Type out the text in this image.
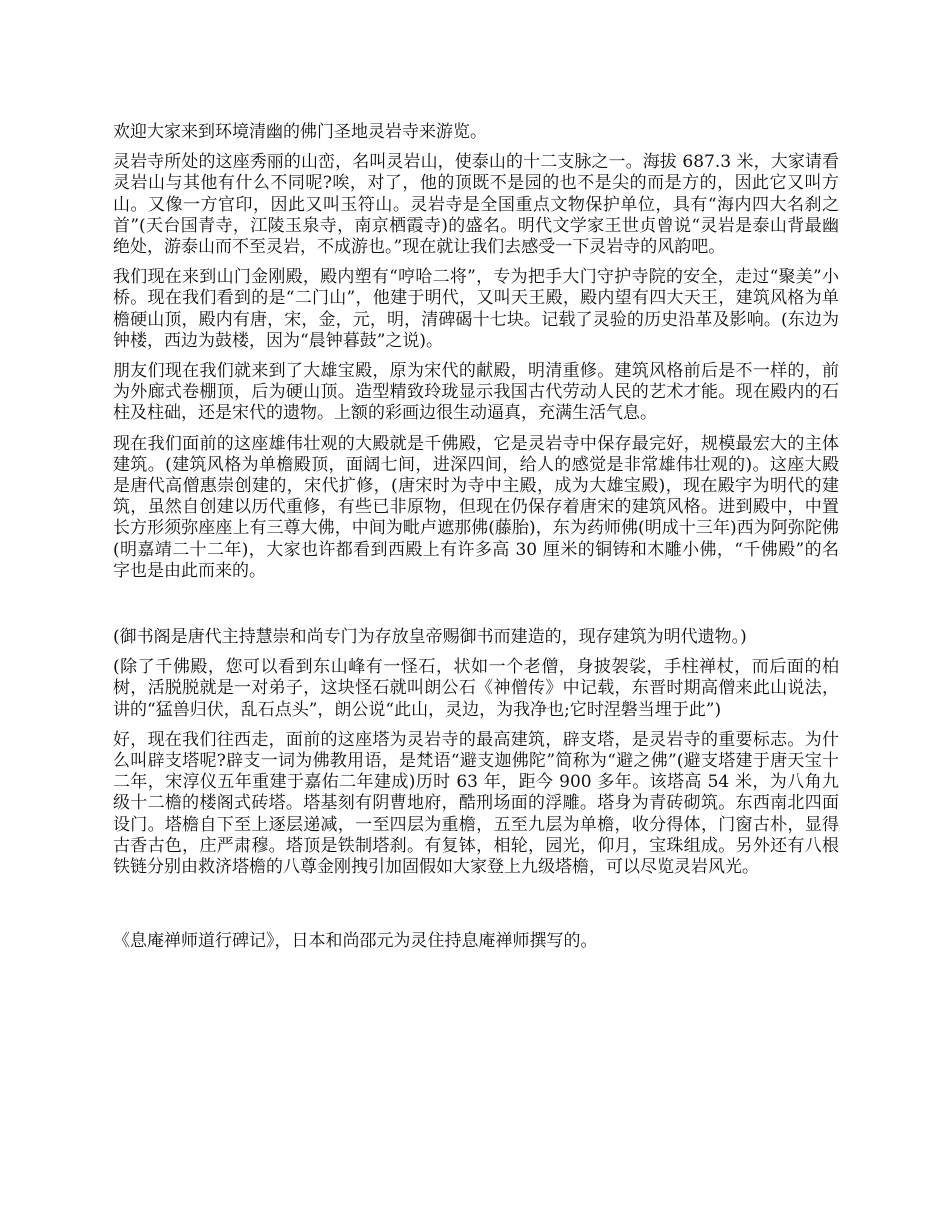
欢迎大家来到环境清幽的佛门圣地灵岩寺来游览。

灵岩寺所处的这座秀丽的山峦，名叫灵岩山，使泰山的十二支脉之一。海拔 687.3 米，大家请看灵岩山与其他有什么不同呢?唉，对了，他的顶既不是园的也不是尖的而是方的，因此它又叫方山。又像一方官印，因此又叫玉符山。灵岩寺是全国重点文物保护单位，具有“海内四大名刹之首”(天台国青寺，江陵玉泉寺，南京栖霞寺)的盛名。明代文学家王世贞曾说“灵岩是泰山背最幽绝处，游泰山而不至灵岩，不成游也。”现在就让我们去感受一下灵岩寺的风韵吧。

我们现在来到山门金刚殿，殿内塑有“哼哈二将”，专为把手大门守护寺院的安全，走过“聚美”小桥。现在我们看到的是“二门山”，他建于明代，又叫天王殿，殿内望有四大天王，建筑风格为单檐硬山顶，殿内有唐，宋，金，元，明，清碑碣十七块。记载了灵验的历史沿革及影响。(东边为钟楼，西边为鼓楼，因为“晨钟暮鼓”之说)。

朋友们现在我们就来到了大雄宝殿，原为宋代的献殿，明清重修。建筑风格前后是不一样的，前为外廊式卷棚顶，后为硬山顶。造型精致玲珑显示我国古代劳动人民的艺术才能。现在殿内的石柱及柱础，还是宋代的遗物。上额的彩画边很生动逼真，充满生活气息。

现在我们面前的这座雄伟壮观的大殿就是千佛殿，它是灵岩寺中保存最完好，规模最宏大的主体建筑。(建筑风格为单檐殿顶，面阔七间，进深四间，给人的感觉是非常雄伟壮观的)。这座大殿是唐代高僧惠崇创建的，宋代扩修，(唐宋时为寺中主殿，成为大雄宝殿)，现在殿宇为明代的建筑，虽然自创建以历代重修，有些已非原物，但现在仍保存着唐宋的建筑风格。进到殿中，中置长方形须弥座座上有三尊大佛，中间为毗卢遮那佛(藤胎)，东为药师佛(明成十三年)西为阿弥陀佛(明嘉靖二十二年)，大家也许都看到西殿上有许多高 30 厘米的铜铸和木雕小佛，“千佛殿”的名字也是由此而来的。

(御书阁是唐代主持慧崇和尚专门为存放皇帝赐御书而建造的，现存建筑为明代遗物。)

(除了千佛殿，您可以看到东山峰有一怪石，状如一个老僧，身披袈裟，手柱禅杖，而后面的柏树，活脱脱就是一对弟子，这块怪石就叫朗公石《神僧传》中记载，东晋时期高僧来此山说法，讲的“猛兽归伏，乱石点头”，朗公说“此山，灵边，为我净也;它时涅磐当埋于此”)

好，现在我们往西走，面前的这座塔为灵岩寺的最高建筑，辟支塔，是灵岩寺的重要标志。为什么叫辟支塔呢?辟支一词为佛教用语，是梵语“避支迦佛陀”简称为“避之佛”(避支塔建于唐天宝十二年，宋淳仪五年重建于嘉佑二年建成)历时 63 年，距今 900 多年。该塔高 54 米，为八角九级十二檐的楼阁式砖塔。塔基刻有阴曹地府，酷刑场面的浮雕。塔身为青砖砌筑。东西南北四面设门。塔檐自下至上逐层递减，一至四层为重檐，五至九层为单檐，收分得体，门窗古朴，显得古香古色，庄严肃穆。塔顶是铁制塔刹。有复钵，相轮，园光，仰月，宝珠组成。另外还有八根铁链分别由救济塔檐的八尊金刚拽引加固假如大家登上九级塔檐，可以尽览灵岩风光。

《息庵禅师道行碑记》，日本和尚邵元为灵住持息庵禅师撰写的。
